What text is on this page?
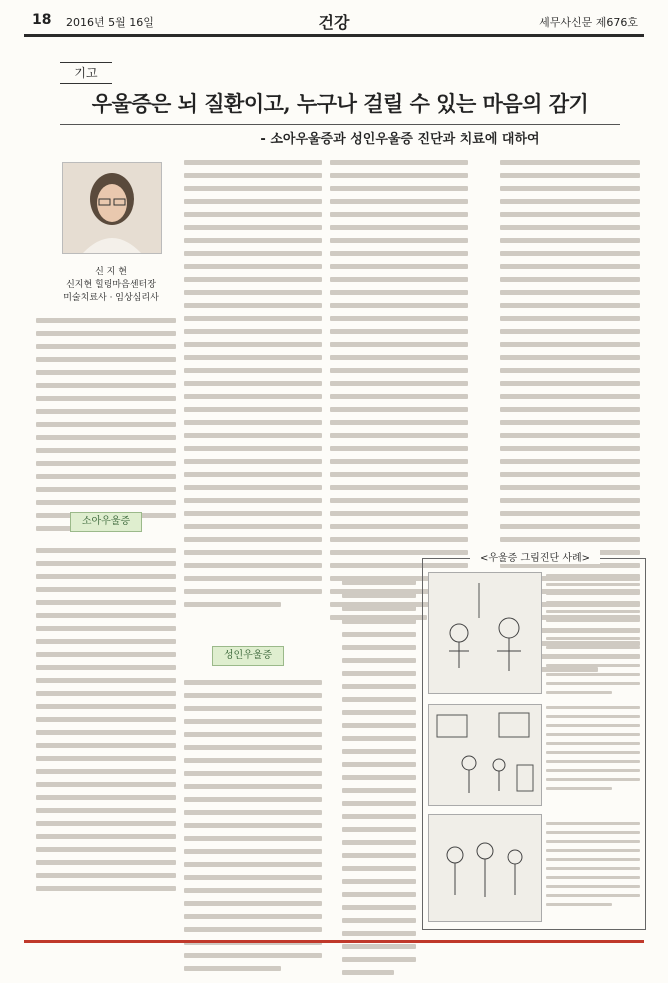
18 2016년 5월 16일	건강	세무사신문 제676호
기고
우울증은 뇌 질환이고, 누구나 걸릴 수 있는 마음의 감기
- 소아우울증과 성인우울증 진단과 치료에 대하여
신 지 현
신지현 힐링마음센터장
미술치료사 · 임상심리사
소아우울증
성인우울증
<우울증 그림진단 사례>
